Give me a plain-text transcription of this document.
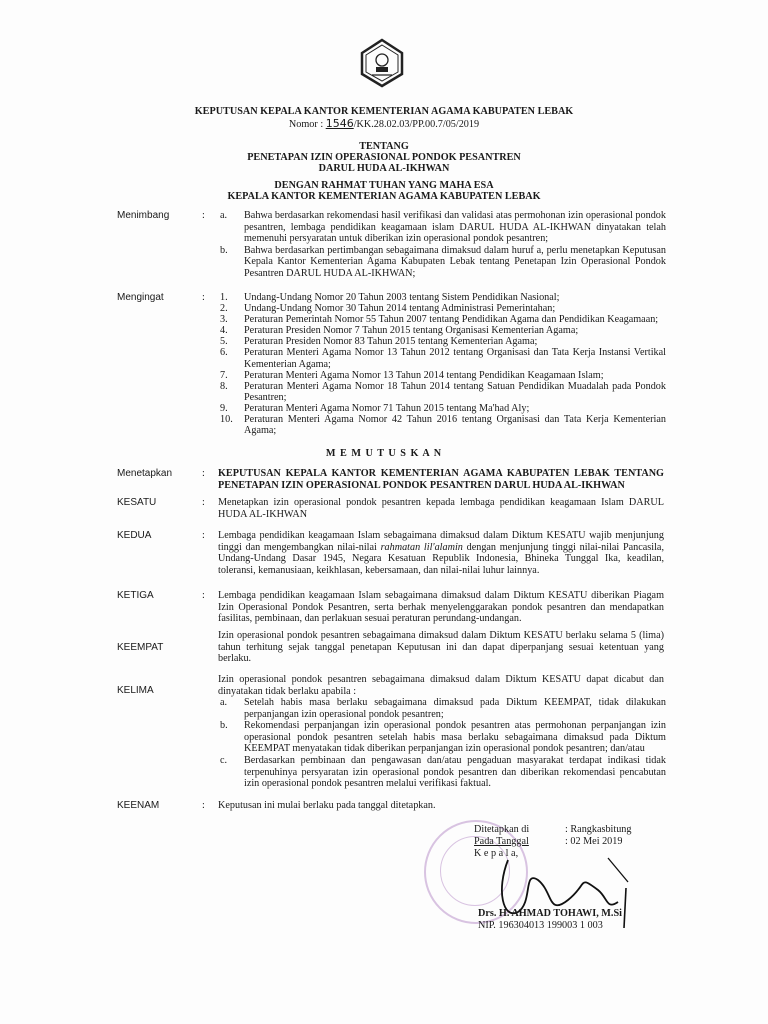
KEPUTUSAN KEPALA KANTOR KEMENTERIAN AGAMA KABUPATEN LEBAK
Nomor : 1546/KK.28.02.03/PP.00.7/05/2019
TENTANG
PENETAPAN IZIN OPERASIONAL PONDOK PESANTREN
DARUL HUDA AL-IKHWAN
DENGAN RAHMAT TUHAN YANG MAHA ESA
KEPALA KANTOR KEMENTERIAN AGAMA KABUPATEN LEBAK
Menimbang	: a. Bahwa berdasarkan rekomendasi hasil verifikasi dan validasi atas permohonan izin operasional pondok pesantren, lembaga pendidikan keagamaan islam DARUL HUDA AL-IKHWAN dinyatakan telah memenuhi persyaratan untuk diberikan izin operasional pondok pesantren;
b. Bahwa berdasarkan pertimbangan sebagaimana dimaksud dalam huruf a, perlu menetapkan Keputusan Kepala Kantor Kementerian Agama Kabupaten Lebak tentang Penetapan Izin Operasional Pondok Pesantren DARUL HUDA AL-IKHWAN;
Mengingat	: 1. Undang-Undang Nomor 20 Tahun 2003 tentang Sistem Pendidikan Nasional;
2. Undang-Undang Nomor 30 Tahun 2014 tentang Administrasi Pemerintahan;
3. Peraturan Pemerintah Nomor 55 Tahun 2007 tentang Pendidikan Agama dan Pendidikan Keagamaan;
4. Peraturan Presiden Nomor 7 Tahun 2015 tentang Organisasi Kementerian Agama;
5. Peraturan Presiden Nomor 83 Tahun 2015 tentang Kementerian Agama;
6. Peraturan Menteri Agama Nomor 13 Tahun 2012 tentang Organisasi dan Tata Kerja Instansi Vertikal Kementerian Agama;
7. Peraturan Menteri Agama Nomor 13 Tahun 2014 tentang Pendidikan Keagamaan Islam;
8. Peraturan Menteri Agama Nomor 18 Tahun 2014 tentang Satuan Pendidikan Muadalah pada Pondok Pesantren;
9. Peraturan Menteri Agama Nomor 71 Tahun 2015 tentang Ma'had Aly;
10. Peraturan Menteri Agama Nomor 42 Tahun 2016 tentang Organisasi dan Tata Kerja Kementerian Agama;
M E M U T U S K A N
Menetapkan	: KEPUTUSAN KEPALA KANTOR KEMENTERIAN AGAMA KABUPATEN LEBAK TENTANG PENETAPAN IZIN OPERASIONAL PONDOK PESANTREN DARUL HUDA AL-IKHWAN
KESATU	: Menetapkan izin operasional pondok pesantren kepada lembaga pendidikan keagamaan Islam DARUL HUDA AL-IKHWAN
KEDUA	: Lembaga pendidikan keagamaan Islam sebagaimana dimaksud dalam Diktum KESATU wajib menjunjung tinggi dan mengembangkan nilai-nilai rahmatan lil'alamin dengan menjunjung tinggi nilai-nilai Pancasila, Undang-Undang Dasar 1945, Negara Kesatuan Republik Indonesia, Bhineka Tunggal Ika, keadilan, toleransi, kemanusiaan, keikhlasan, kebersamaan, dan nilai-nilai luhur lainnya.
KETIGA	: Lembaga pendidikan keagamaan Islam sebagaimana dimaksud dalam Diktum KESATU diberikan Piagam Izin Operasional Pondok Pesantren, serta berhak menyelenggarakan pondok pesantren dan mendapatkan fasilitas, pembinaan, dan perlakuan sesuai peraturan perundang-undangan.
KEEMPAT
Izin operasional pondok pesantren sebagaimana dimaksud dalam Diktum KESATU berlaku selama 5 (lima) tahun terhitung sejak tanggal penetapan Keputusan ini dan dapat diperpanjang sesuai ketentuan yang berlaku.
KELIMA
Izin operasional pondok pesantren sebagaimana dimaksud dalam Diktum KESATU dapat dicabut dan dinyatakan tidak berlaku apabila :
a. Setelah habis masa berlaku sebagaimana dimaksud pada Diktum KEEMPAT, tidak dilakukan perpanjangan izin operasional pondok pesantren;
b. Rekomendasi perpanjangan izin operasional pondok pesantren atas permohonan perpanjangan izin operasional pondok pesantren setelah habis masa berlaku sebagaimana dimaksud pada Diktum KEEMPAT menyatakan tidak diberikan perpanjangan izin operasional pondok pesantren; dan/atau
c. Berdasarkan pembinaan dan pengawasan dan/atau pengaduan masyarakat terdapat indikasi tidak terpenuhinya persyaratan izin operasional pondok pesantren dan diberikan rekomendasi pencabutan izin operasional pondok pesantren melalui verifikasi faktual.
KEENAM	: Keputusan ini mulai berlaku pada tanggal ditetapkan.
Ditetapkan di	: Rangkasbitung
Pada Tanggal	: 02 Mei 2019
K e p a l a,
Drs. H. AHMAD TOHAWI, M.Si
NIP. 196304013 199003 1 003
